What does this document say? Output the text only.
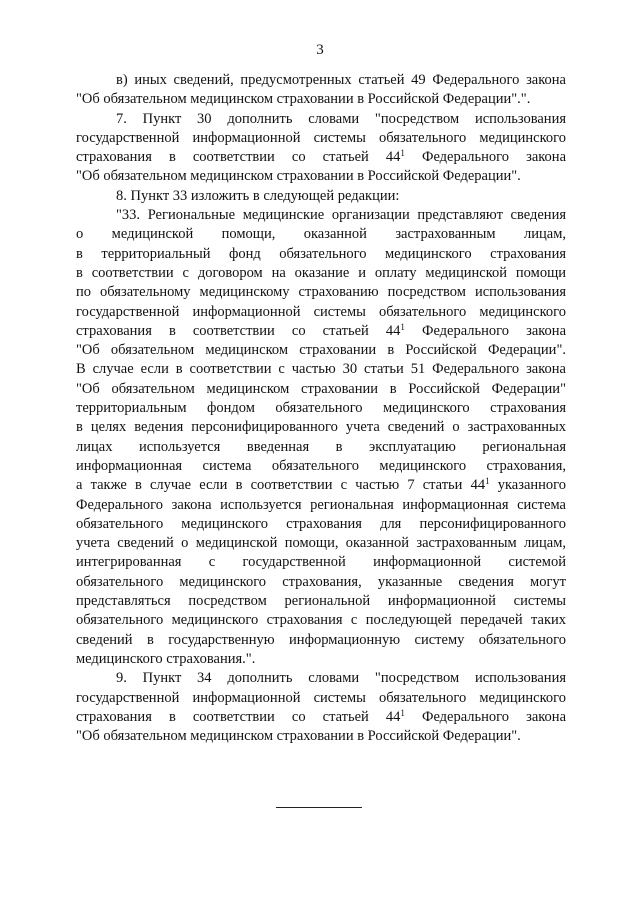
3
в) иных сведений, предусмотренных статьей 49 Федерального закона
"Об обязательном медицинском страховании в Российской Федерации".".
7. Пункт 30 дополнить словами "посредством использования
государственной информационной системы обязательного медицинского
страхования в соответствии со статьей $44^1$ Федерального закона
"Об обязательном медицинском страховании в Российской Федерации".
8. Пункт 33 изложить в следующей редакции:
"33. Региональные медицинские организации представляют сведения
о медицинской помощи, оказанной застрахованным лицам,
в территориальный фонд обязательного медицинского страхования
в соответствии с договором на оказание и оплату медицинской помощи
по обязательному медицинскому страхованию посредством использования
государственной информационной системы обязательного медицинского
страхования в соответствии со статьей $44^1$ Федерального закона
"Об обязательном медицинском страховании в Российской Федерации".
В случае если в соответствии с частью 30 статьи 51 Федерального закона
"Об обязательном медицинском страховании в Российской Федерации"
территориальным фондом обязательного медицинского страхования
в целях ведения персонифицированного учета сведений о застрахованных
лицах используется введенная в эксплуатацию региональная
информационная система обязательного медицинского страхования,
а также в случае если в соответствии с частью 7 статьи $44^1$ указанного
Федерального закона используется региональная информационная система
обязательного медицинского страхования для персонифицированного
учета сведений о медицинской помощи, оказанной застрахованным лицам,
интегрированная с государственной информационной системой
обязательного медицинского страхования, указанные сведения могут
представляться посредством региональной информационной системы
обязательного медицинского страхования с последующей передачей таких
сведений в государственную информационную систему обязательного
медицинского страхования.".
9. Пункт 34 дополнить словами "посредством использования
государственной информационной системы обязательного медицинского
страхования в соответствии со статьей $44^1$ Федерального закона
"Об обязательном медицинском страховании в Российской Федерации".
